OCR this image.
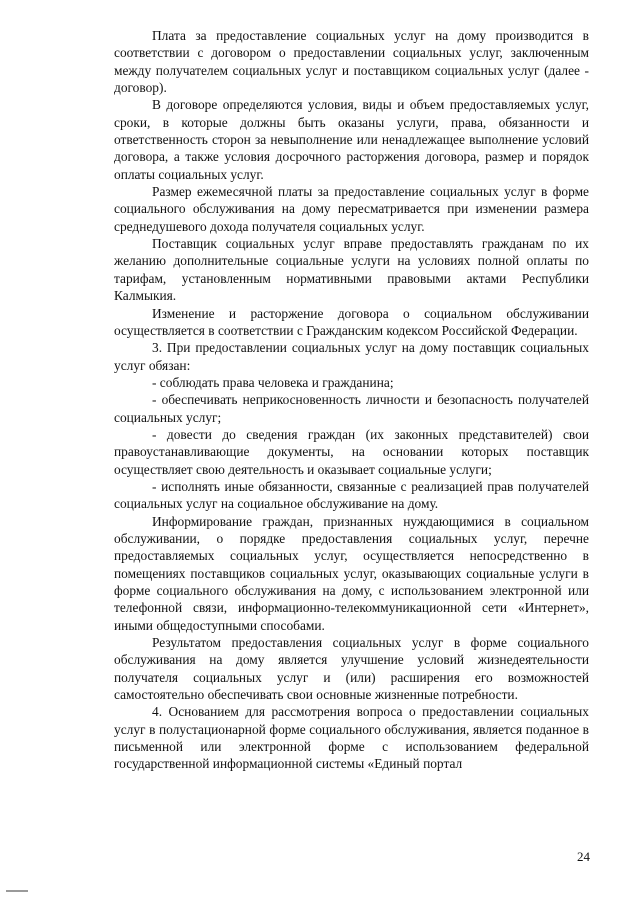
Плата за предоставление социальных услуг на дому производится в соответствии с договором о предоставлении социальных услуг, заключенным между получателем социальных услуг и поставщиком социальных услуг (далее - договор).

В договоре определяются условия, виды и объем предоставляемых услуг, сроки, в которые должны быть оказаны услуги, права, обязанности и ответственность сторон за невыполнение или ненадлежащее выполнение условий договора, а также условия досрочного расторжения договора, размер и порядок оплаты социальных услуг.

Размер ежемесячной платы за предоставление социальных услуг в форме социального обслуживания на дому пересматривается при изменении размера среднедушевого дохода получателя социальных услуг.

Поставщик социальных услуг вправе предоставлять гражданам по их желанию дополнительные социальные услуги на условиях полной оплаты по тарифам, установленным нормативными правовыми актами Республики Калмыкия.

Изменение и расторжение договора о социальном обслуживании осуществляется в соответствии с Гражданским кодексом Российской Федерации.

3. При предоставлении социальных услуг на дому поставщик социальных услуг обязан:

- соблюдать права человека и гражданина;

- обеспечивать неприкосновенность личности и безопасность получателей социальных услуг;

- довести до сведения граждан (их законных представителей) свои правоустанавливающие документы, на основании которых поставщик осуществляет свою деятельность и оказывает социальные услуги;

- исполнять иные обязанности, связанные с реализацией прав получателей социальных услуг на социальное обслуживание на дому.

Информирование граждан, признанных нуждающимися в социальном обслуживании, о порядке предоставления социальных услуг, перечне предоставляемых социальных услуг, осуществляется непосредственно в помещениях поставщиков социальных услуг, оказывающих социальные услуги в форме социального обслуживания на дому, с использованием электронной или телефонной связи, информационно-телекоммуникационной сети «Интернет», иными общедоступными способами.

Результатом предоставления социальных услуг в форме социального обслуживания на дому является улучшение условий жизнедеятельности получателя социальных услуг и (или) расширения его возможностей самостоятельно обеспечивать свои основные жизненные потребности.

4. Основанием для рассмотрения вопроса о предоставлении социальных услуг в полустационарной форме социального обслуживания, является поданное в письменной или электронной форме с использованием федеральной государственной информационной системы «Единый портал

24
